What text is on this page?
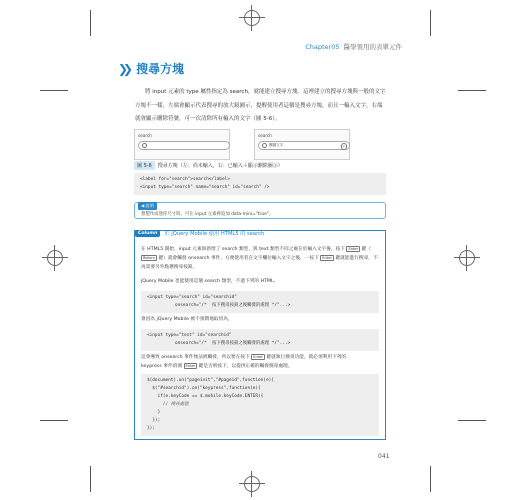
Chapter05 醫學領用的表單元件
❯❯ 搜尋方塊
將 input 元素的 type 屬性指定為 search，就能建立搜尋方塊。這裡建立的搜尋方塊與一般的文字方塊不一樣，左端會顯示代表搜尋的放大鏡圖示，提醒使用者這個是搜尋方塊，而且一輸入文字，右端就會顯示刪除符號，可一次清除所有輸入的文字（圖 5-6）。
search	search
關鍵文字	×
圖 5-6 搜尋方塊（左：尚未輸入，右：已輸入＋顯示刪除圖示）
<label for="search">search</label>
<input type="search" name="search" id="search" />
◀ 說明
想製作成迷你尺寸時，可在 input 元素裡追加 data-mini="true"。
Column	於 jQuery Mobile 使用 HTML5 的 search
在 HTML5 開始，input 元素與新增了 search 類型，與 text 類型不同之處在於輸入文字後，按下 Enter 鍵（ Return 鍵）就會觸發 onsearch 事件，方便使用者在文字欄位輸入文字之後，一按下 Enter 鍵就能進行搜尋，不再需要另外點選搜尋按鈕。
jQuery Mobile 也能使用這個 search 類型，不過下列的 HTML，
<input type="search" id="searchid"
onsearch="/*  按下搜尋按鈕之後觸發的處理 */"...>
會因為 jQuery Mobile 被不預期地取用為，
<input type="text" id="searchid"
onsearch="/*  按下搜尋按鈕之後觸發的處理 */"...>
這會導致 onsearch 事件無法被觸發，所以要在按下 Enter 鍵就執行搜尋功能，就必須利用下列的
keypress 事件偵測 Enter 鍵是否被按下，以提供正確的觸發搜尋處理。
$(document).on("pageinit","#pageid",function(e){
$("#searchid").on("keypress",function(e){
if(e.keyCode == $.mobile.keyCode.ENTER){
// 搜尋處理
}
});
});
041
